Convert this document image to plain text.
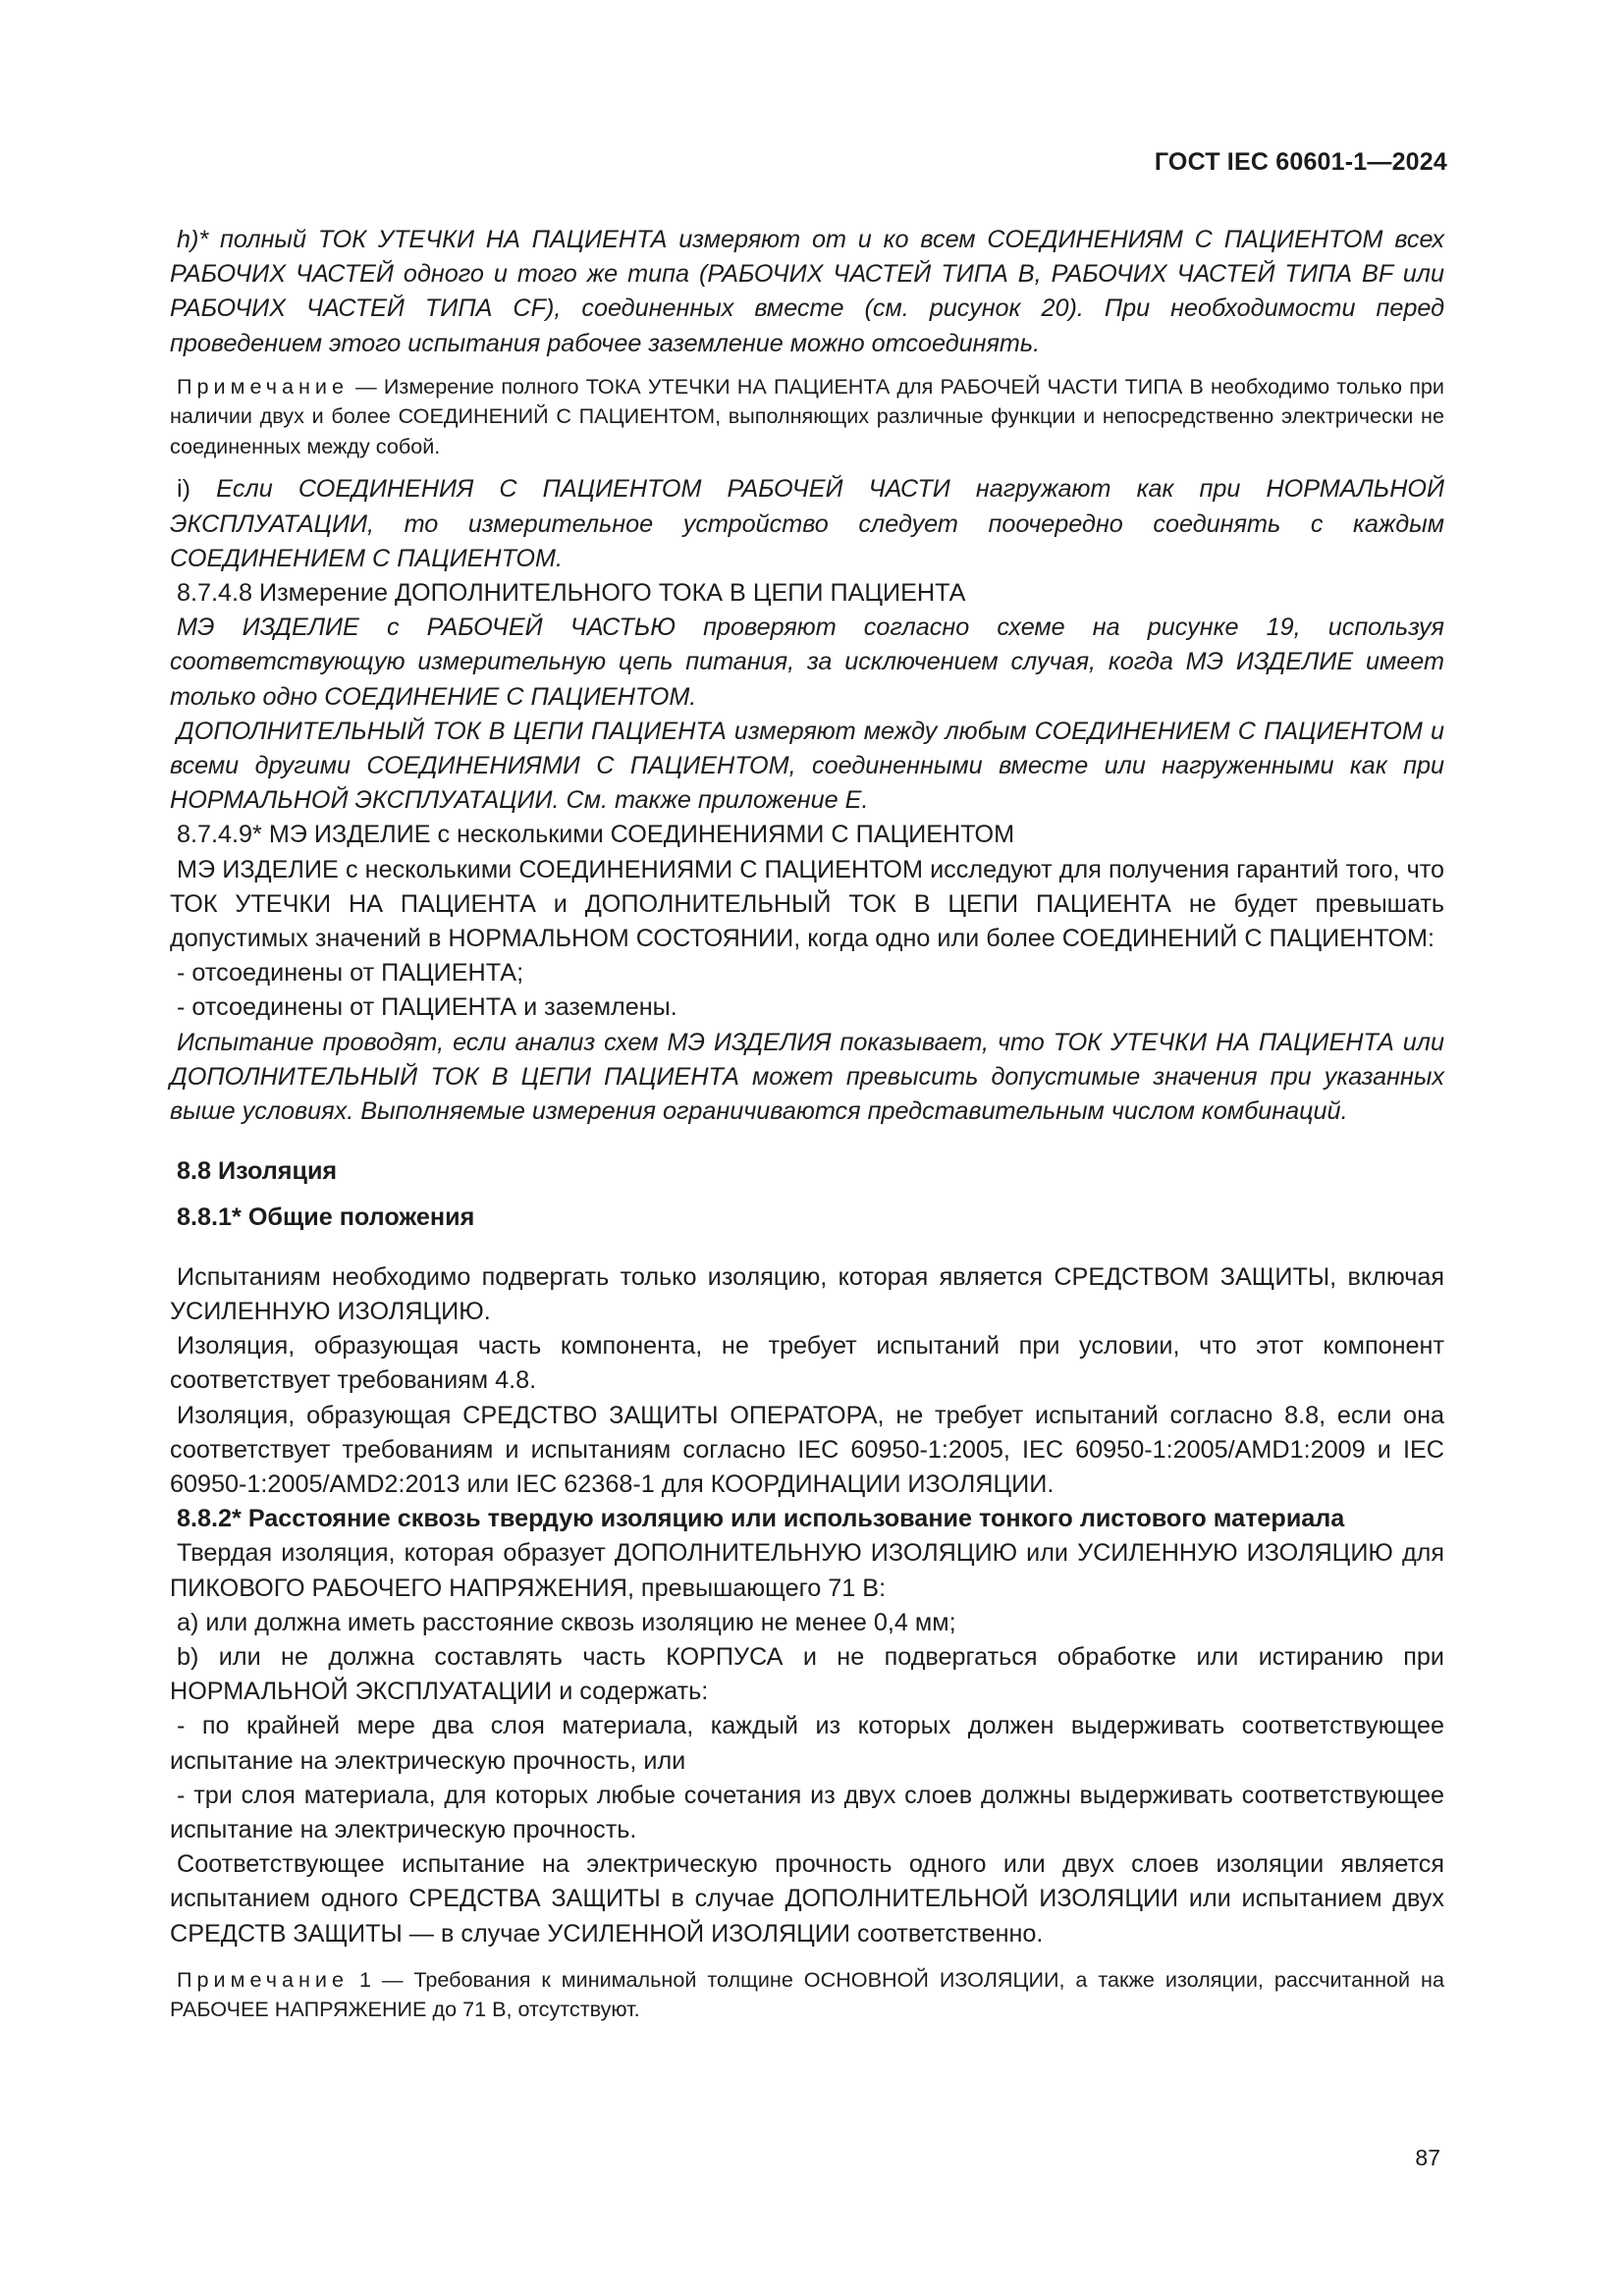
ГОСТ IEC 60601-1—2024

h)* полный ТОК УТЕЧКИ НА ПАЦИЕНТА измеряют от и ко всем СОЕДИНЕНИЯМ С ПАЦИЕНТОМ всех РАБОЧИХ ЧАСТЕЙ одного и того же типа (РАБОЧИХ ЧАСТЕЙ ТИПА В, РАБОЧИХ ЧАСТЕЙ ТИПА BF или РАБОЧИХ ЧАСТЕЙ ТИПА CF), соединенных вместе (см. рисунок 20). При необходимости перед проведением этого испытания рабочее заземление можно отсоединять.

Примечание — Измерение полного ТОКА УТЕЧКИ НА ПАЦИЕНТА для РАБОЧЕЙ ЧАСТИ ТИПА В необходимо только при наличии двух и более СОЕДИНЕНИЙ С ПАЦИЕНТОМ, выполняющих различные функции и непосредственно электрически не соединенных между собой.

i) Если СОЕДИНЕНИЯ С ПАЦИЕНТОМ РАБОЧЕЙ ЧАСТИ нагружают как при НОРМАЛЬНОЙ ЭКСПЛУАТАЦИИ, то измерительное устройство следует поочередно соединять с каждым СОЕДИНЕНИЕМ С ПАЦИЕНТОМ.

8.7.4.8 Измерение ДОПОЛНИТЕЛЬНОГО ТОКА В ЦЕПИ ПАЦИЕНТА

МЭ ИЗДЕЛИЕ с РАБОЧЕЙ ЧАСТЬЮ проверяют согласно схеме на рисунке 19, используя соответствующую измерительную цепь питания, за исключением случая, когда МЭ ИЗДЕЛИЕ имеет только одно СОЕДИНЕНИЕ С ПАЦИЕНТОМ.

ДОПОЛНИТЕЛЬНЫЙ ТОК В ЦЕПИ ПАЦИЕНТА измеряют между любым СОЕДИНЕНИЕМ С ПАЦИЕНТОМ и всеми другими СОЕДИНЕНИЯМИ С ПАЦИЕНТОМ, соединенными вместе или нагруженными как при НОРМАЛЬНОЙ ЭКСПЛУАТАЦИИ. См. также приложение Е.

8.7.4.9* МЭ ИЗДЕЛИЕ с несколькими СОЕДИНЕНИЯМИ С ПАЦИЕНТОМ

МЭ ИЗДЕЛИЕ с несколькими СОЕДИНЕНИЯМИ С ПАЦИЕНТОМ исследуют для получения гарантий того, что ТОК УТЕЧКИ НА ПАЦИЕНТА и ДОПОЛНИТЕЛЬНЫЙ ТОК В ЦЕПИ ПАЦИЕНТА не будет превышать допустимых значений в НОРМАЛЬНОМ СОСТОЯНИИ, когда одно или более СОЕДИНЕНИЙ С ПАЦИЕНТОМ:

- отсоединены от ПАЦИЕНТА;

- отсоединены от ПАЦИЕНТА и заземлены.

Испытание проводят, если анализ схем МЭ ИЗДЕЛИЯ показывает, что ТОК УТЕЧКИ НА ПАЦИЕНТА или ДОПОЛНИТЕЛЬНЫЙ ТОК В ЦЕПИ ПАЦИЕНТА может превысить допустимые значения при указанных выше условиях. Выполняемые измерения ограничиваются представительным числом комбинаций.

8.8 Изоляция

8.8.1* Общие положения

Испытаниям необходимо подвергать только изоляцию, которая является СРЕДСТВОМ ЗАЩИТЫ, включая УСИЛЕННУЮ ИЗОЛЯЦИЮ.

Изоляция, образующая часть компонента, не требует испытаний при условии, что этот компонент соответствует требованиям 4.8.

Изоляция, образующая СРЕДСТВО ЗАЩИТЫ ОПЕРАТОРА, не требует испытаний согласно 8.8, если она соответствует требованиям и испытаниям согласно IEC 60950-1:2005, IEC 60950-1:2005/AMD1:2009 и IEC 60950-1:2005/AMD2:2013 или IEC 62368-1 для КООРДИНАЦИИ ИЗОЛЯЦИИ.

8.8.2* Расстояние сквозь твердую изоляцию или использование тонкого листового материала

Твердая изоляция, которая образует ДОПОЛНИТЕЛЬНУЮ ИЗОЛЯЦИЮ или УСИЛЕННУЮ ИЗОЛЯЦИЮ для ПИКОВОГО РАБОЧЕГО НАПРЯЖЕНИЯ, превышающего 71 В:

a) или должна иметь расстояние сквозь изоляцию не менее 0,4 мм;

b) или не должна составлять часть КОРПУСА и не подвергаться обработке или истиранию при НОРМАЛЬНОЙ ЭКСПЛУАТАЦИИ и содержать:

- по крайней мере два слоя материала, каждый из которых должен выдерживать соответствующее испытание на электрическую прочность, или

- три слоя материала, для которых любые сочетания из двух слоев должны выдерживать соответствующее испытание на электрическую прочность.

Соответствующее испытание на электрическую прочность одного или двух слоев изоляции является испытанием одного СРЕДСТВА ЗАЩИТЫ в случае ДОПОЛНИТЕЛЬНОЙ ИЗОЛЯЦИИ или испытанием двух СРЕДСТВ ЗАЩИТЫ — в случае УСИЛЕННОЙ ИЗОЛЯЦИИ соответственно.

Примечание 1 — Требования к минимальной толщине ОСНОВНОЙ ИЗОЛЯЦИИ, а также изоляции, рассчитанной на РАБОЧЕЕ НАПРЯЖЕНИЕ до 71 В, отсутствуют.

87
